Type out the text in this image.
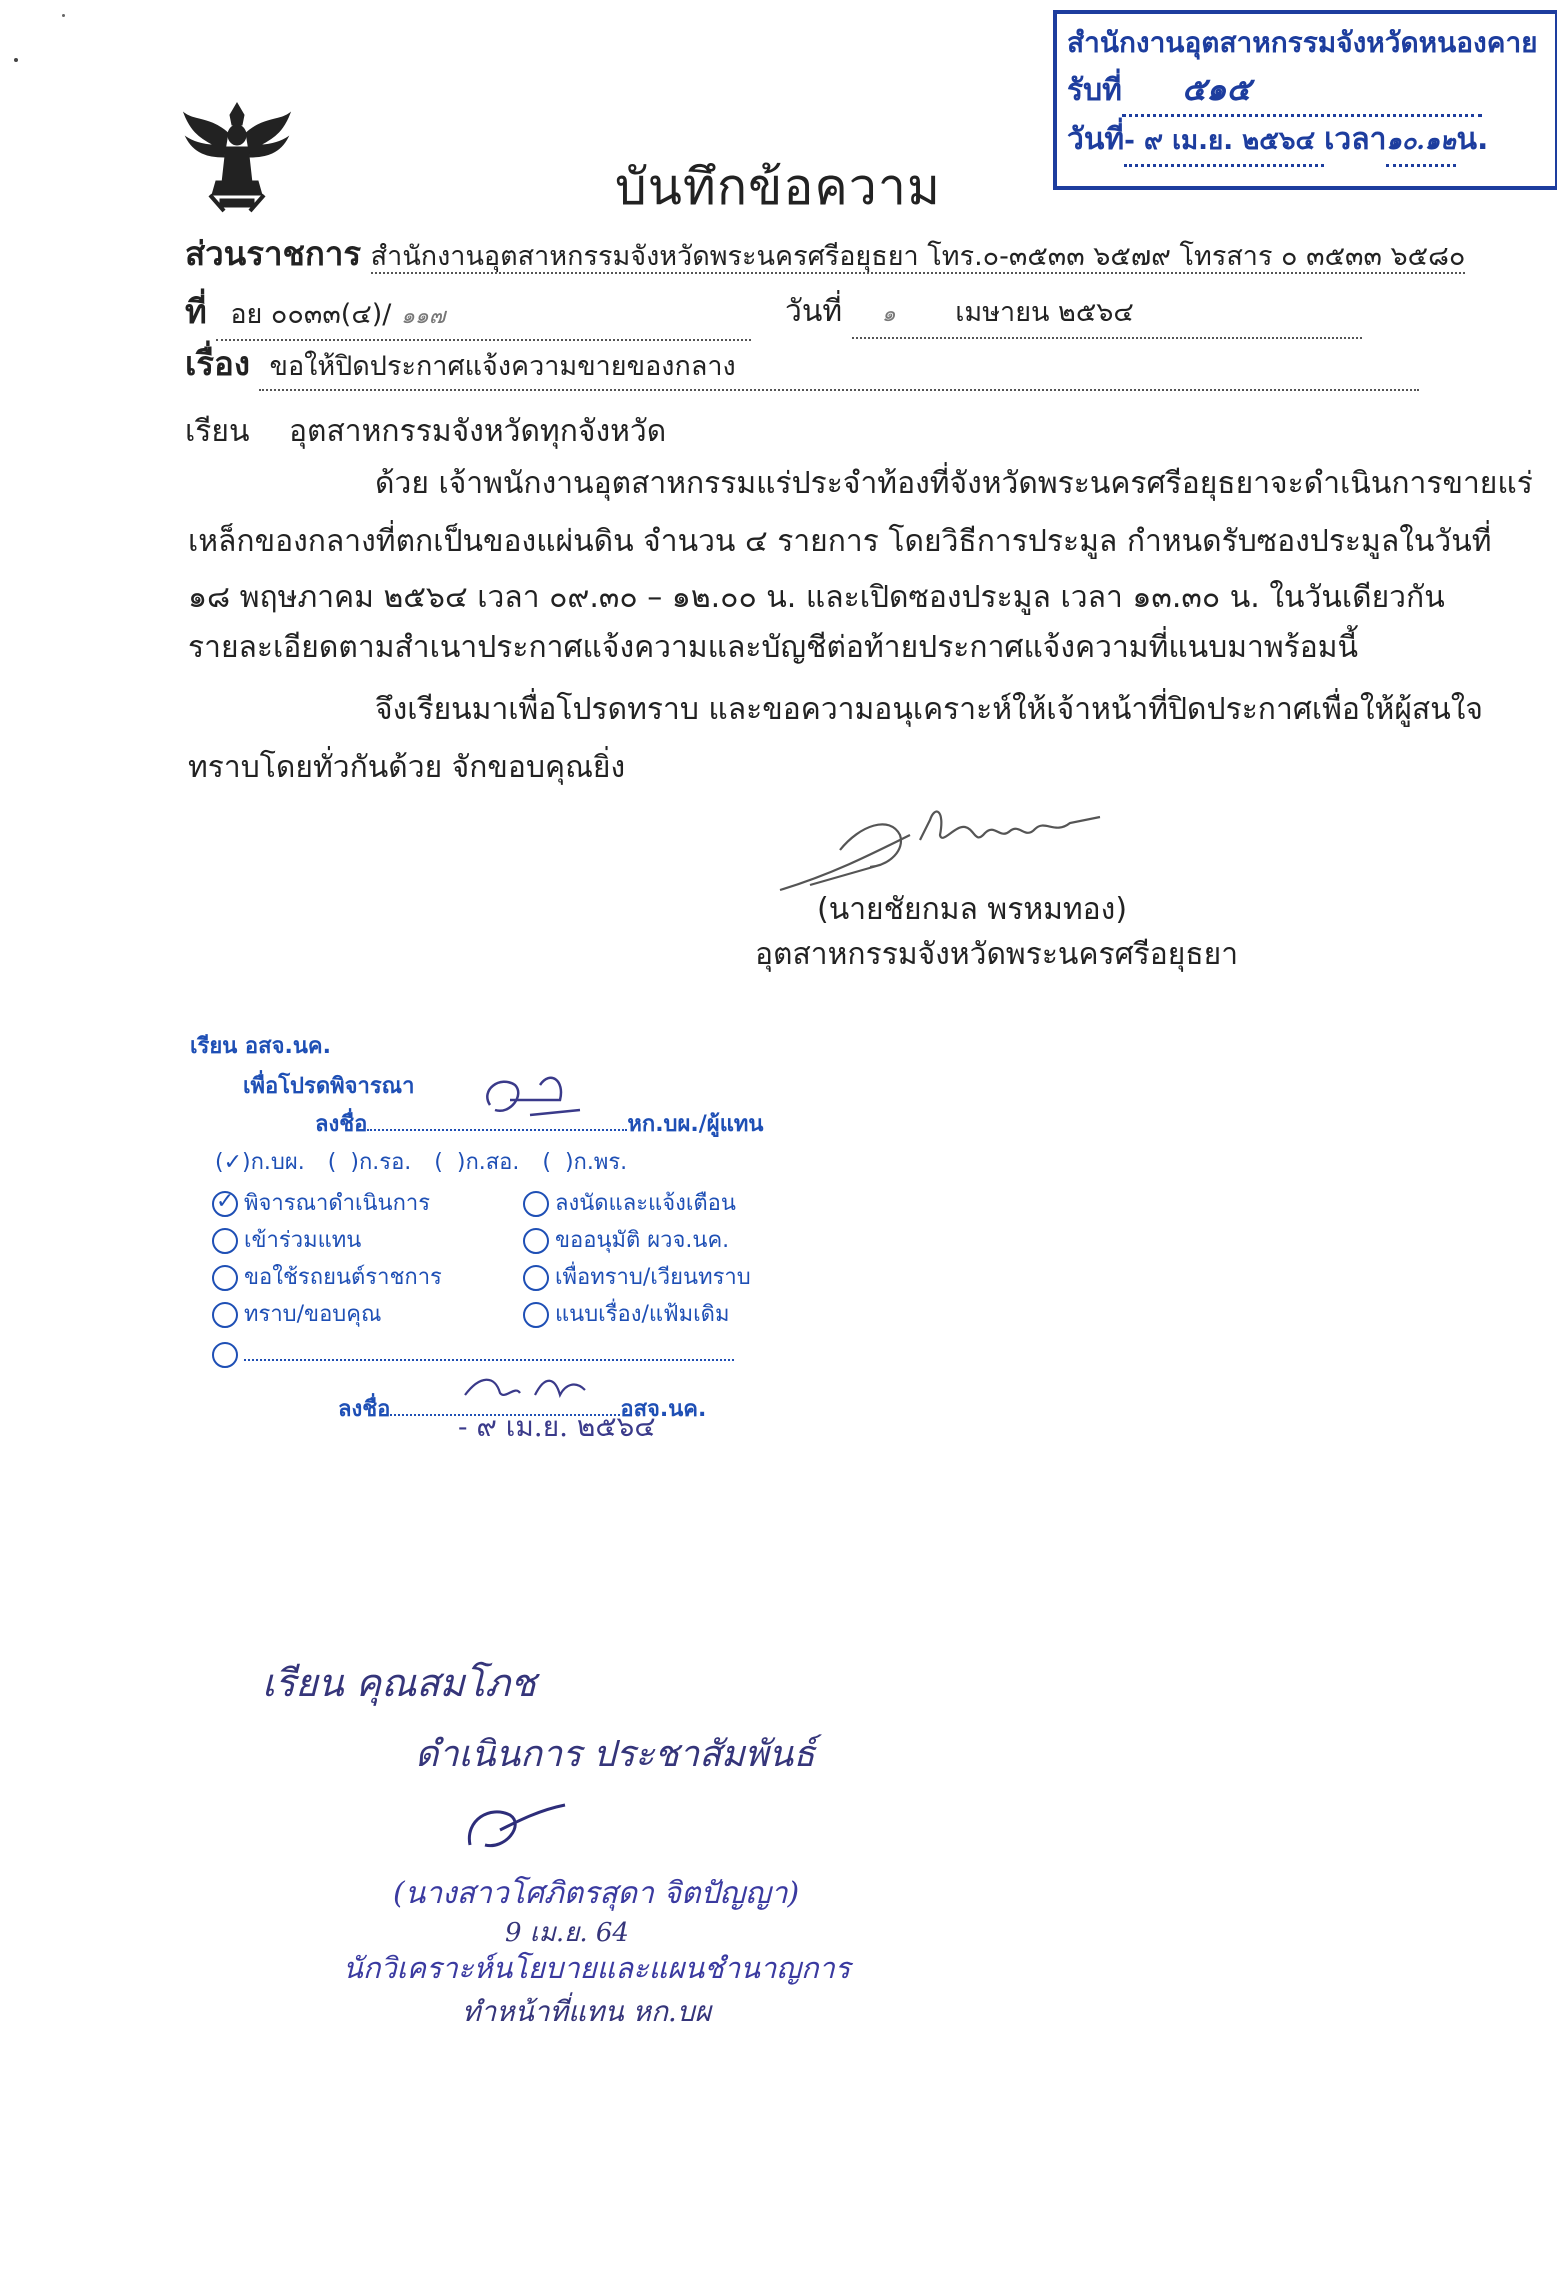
สำนักงานอุตสาหกรรมจังหวัดหนองคาย
รับที่ ๕๑๕
วันที่- ๙ เม.ย. ๒๕๖๔ เวลา๑๐.๑๒น.
บันทึกข้อความ
ส่วนราชการ สำนักงานอุตสาหกรรมจังหวัดพระนครศรีอยุธยา โทร.๐-๓๕๓๓ ๖๕๗๙ โทรสาร ๐ ๓๕๓๓ ๖๕๘๐
ที่ อย ๐๐๓๓(๔)/ ๑๑๗	วันที่ ๑ เมษายน ๒๕๖๔
เรื่อง ขอให้ปิดประกาศแจ้งความขายของกลาง
เรียน อุตสาหกรรมจังหวัดทุกจังหวัด
ด้วย เจ้าพนักงานอุตสาหกรรมแร่ประจำท้องที่จังหวัดพระนครศรีอยุธยาจะดำเนินการขายแร่
เหล็กของกลางที่ตกเป็นของแผ่นดิน จำนวน ๔ รายการ โดยวิธีการประมูล กำหนดรับซองประมูลในวันที่
๑๘ พฤษภาคม ๒๕๖๔ เวลา ๐๙.๓๐ – ๑๒.๐๐ น. และเปิดซองประมูล เวลา ๑๓.๓๐ น. ในวันเดียวกัน
รายละเอียดตามสำเนาประกาศแจ้งความและบัญชีต่อท้ายประกาศแจ้งความที่แนบมาพร้อมนี้
จึงเรียนมาเพื่อโปรดทราบ และขอความอนุเคราะห์ให้เจ้าหน้าที่ปิดประกาศเพื่อให้ผู้สนใจ
ทราบโดยทั่วกันด้วย จักขอบคุณยิ่ง
(นายชัยกมล พรหมทอง)
อุตสาหกรรมจังหวัดพระนครศรีอยุธยา
เรียน อสจ.นค.
เพื่อโปรดพิจารณา
ลงชื่อ	หก.บผ./ผู้แทน
(✓)ก.บผ. (  )ก.รอ. (  )ก.สอ. (  )ก.พร.
✓ พิจารณาดำเนินการ
เข้าร่วมแทน
ขอใช้รถยนต์ราชการ
ทราบ/ขอบคุณ
ลงนัดและแจ้งเตือน
ขออนุมัติ ผวจ.นค.
เพื่อทราบ/เวียนทราบ
แนบเรื่อง/แฟ้มเดิม
ลงชื่อ	อสจ.นค.
- ๙ เม.ย. ๒๕๖๔
เรียน คุณสมโภช
ดำเนินการ ประชาสัมพันธ์
(นางสาวโศภิตรสุดา จิตปัญญา)
9 เม.ย. 64
นักวิเคราะห์นโยบายและแผนชำนาญการ
ทำหน้าที่แทน หก.บผ
